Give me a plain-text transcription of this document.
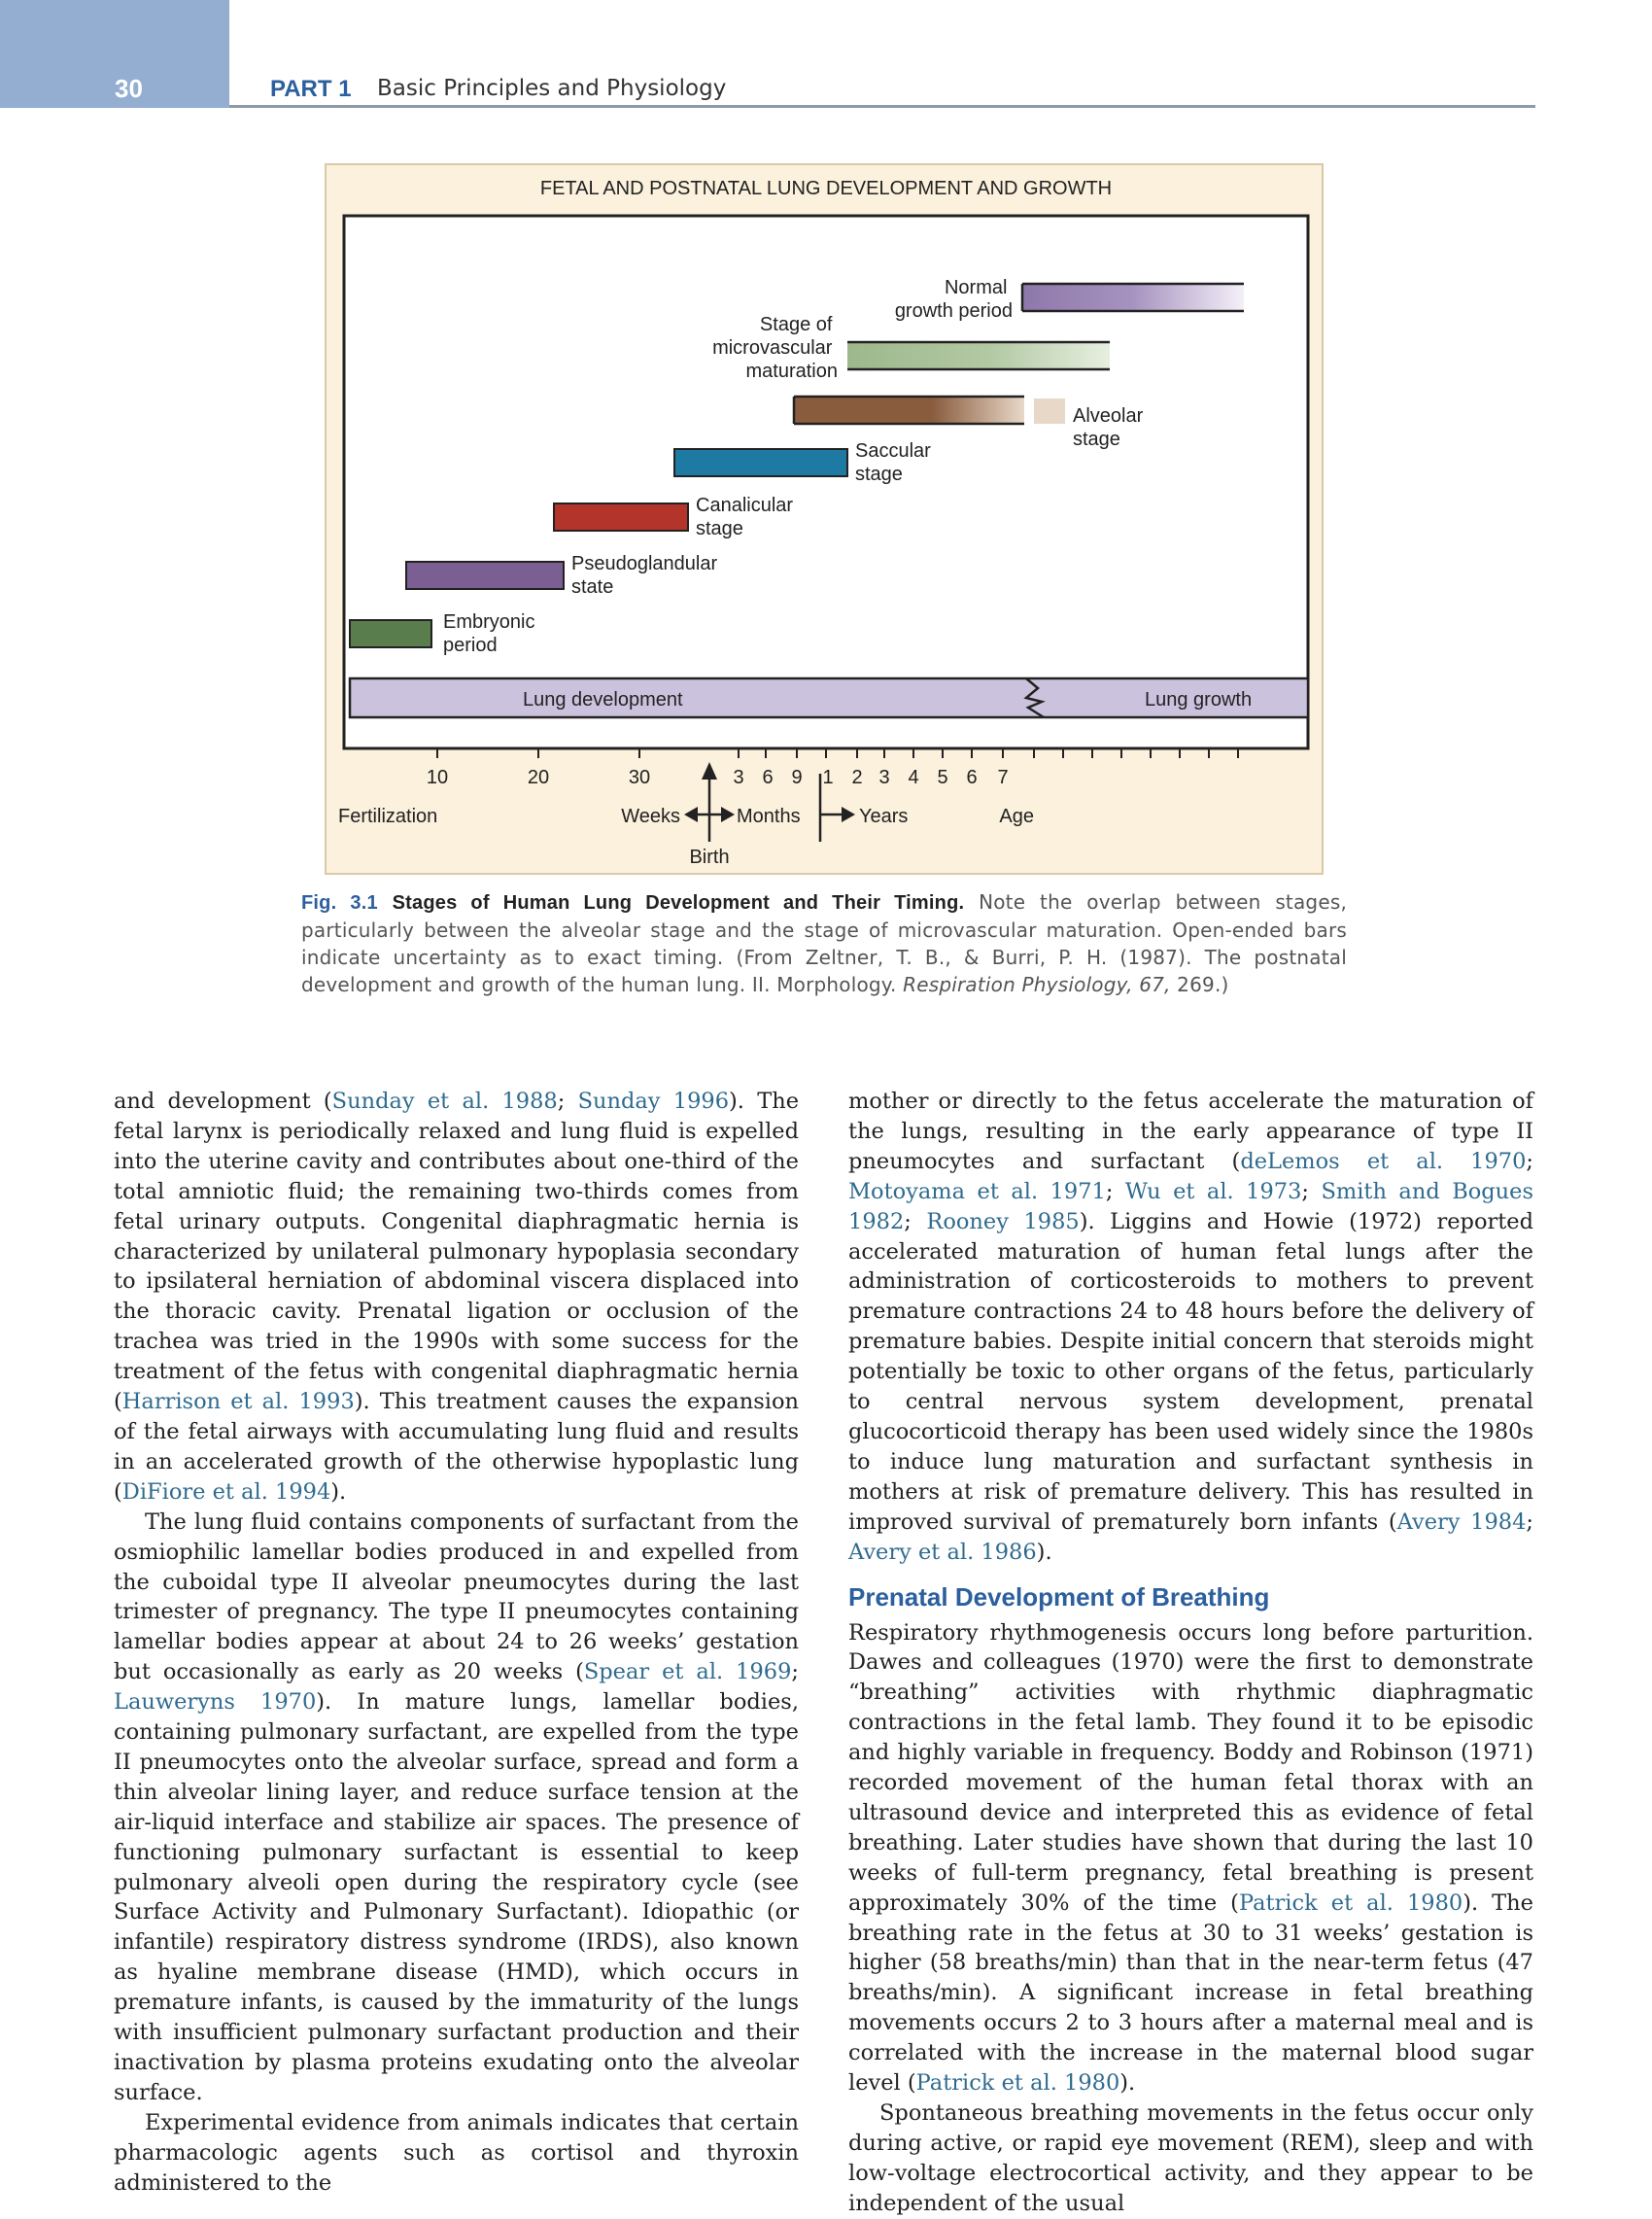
30	PART 1 Basic Principles and Physiology
FETAL AND POSTNATAL LUNG DEVELOPMENT AND GROWTH
Embryonic period
Pseudoglandular state
Canalicular stage
Saccular stage
Alveolar stage
Stage of microvascular maturation
Normal growth period
Lung development	Lung growth
10	20	30	3 6 9 1 2 3 4 5 6 7
Fertilization	Weeks	Months	Years	Age
Birth
Fig. 3.1 Stages of Human Lung Development and Their Timing. Note the overlap between stages, particularly between the alveolar stage and the stage of microvascular maturation. Open-ended bars indicate uncertainty as to exact timing. (From Zeltner, T. B., & Burri, P. H. (1987). The postnatal development and growth of the human lung. II. Morphology. Respiration Physiology, 67, 269.)

and development (Sunday et al. 1988; Sunday 1996). The fetal larynx is periodically relaxed and lung fluid is expelled into the uterine cavity and contributes about one-third of the total amniotic fluid; the remaining two-thirds comes from fetal urinary outputs. Congenital diaphragmatic hernia is characterized by unilateral pulmonary hypoplasia secondary to ipsilateral herniation of abdominal viscera displaced into the thoracic cavity. Prenatal ligation or occlusion of the trachea was tried in the 1990s with some success for the treatment of the fetus with congenital diaphragmatic hernia (Harrison et al. 1993). This treatment causes the expansion of the fetal airways with accumulating lung fluid and results in an accelerated growth of the otherwise hypoplastic lung (DiFiore et al. 1994).

The lung fluid contains components of surfactant from the osmiophilic lamellar bodies produced in and expelled from the cuboidal type II alveolar pneumocytes during the last trimester of pregnancy. The type II pneumocytes containing lamellar bodies appear at about 24 to 26 weeks’ gestation but occasionally as early as 20 weeks (Spear et al. 1969; Lauweryns 1970). In mature lungs, lamellar bodies, containing pulmonary surfactant, are expelled from the type II pneumocytes onto the alveolar surface, spread and form a thin alveolar lining layer, and reduce surface tension at the air-liquid interface and stabilize air spaces. The presence of functioning pulmonary surfactant is essential to keep pulmonary alveoli open during the respiratory cycle (see Surface Activity and Pulmonary Surfactant). Idiopathic (or infantile) respiratory distress syndrome (IRDS), also known as hyaline membrane disease (HMD), which occurs in premature infants, is caused by the immaturity of the lungs with insufficient pulmonary surfactant production and their inactivation by plasma proteins exudating onto the alveolar surface.

Experimental evidence from animals indicates that certain pharmacologic agents such as cortisol and thyroxin administered to the

mother or directly to the fetus accelerate the maturation of the lungs, resulting in the early appearance of type II pneumocytes and surfactant (deLemos et al. 1970; Motoyama et al. 1971; Wu et al. 1973; Smith and Bogues 1982; Rooney 1985). Liggins and Howie (1972) reported accelerated maturation of human fetal lungs after the administration of corticosteroids to mothers to prevent premature contractions 24 to 48 hours before the delivery of premature babies. Despite initial concern that steroids might potentially be toxic to other organs of the fetus, particularly to central nervous system development, prenatal glucocorticoid therapy has been used widely since the 1980s to induce lung maturation and surfactant synthesis in mothers at risk of premature delivery. This has resulted in improved survival of prematurely born infants (Avery 1984; Avery et al. 1986).

Prenatal Development of Breathing

Respiratory rhythmogenesis occurs long before parturition. Dawes and colleagues (1970) were the first to demonstrate “breathing” activities with rhythmic diaphragmatic contractions in the fetal lamb. They found it to be episodic and highly variable in frequency. Boddy and Robinson (1971) recorded movement of the human fetal thorax with an ultrasound device and interpreted this as evidence of fetal breathing. Later studies have shown that during the last 10 weeks of full-term pregnancy, fetal breathing is present approximately 30% of the time (Patrick et al. 1980). The breathing rate in the fetus at 30 to 31 weeks’ gestation is higher (58 breaths/min) than that in the near-term fetus (47 breaths/min). A significant increase in fetal breathing movements occurs 2 to 3 hours after a maternal meal and is correlated with the increase in the maternal blood sugar level (Patrick et al. 1980).

Spontaneous breathing movements in the fetus occur only during active, or rapid eye movement (REM), sleep and with low-voltage electrocortical activity, and they appear to be independent of the usual
